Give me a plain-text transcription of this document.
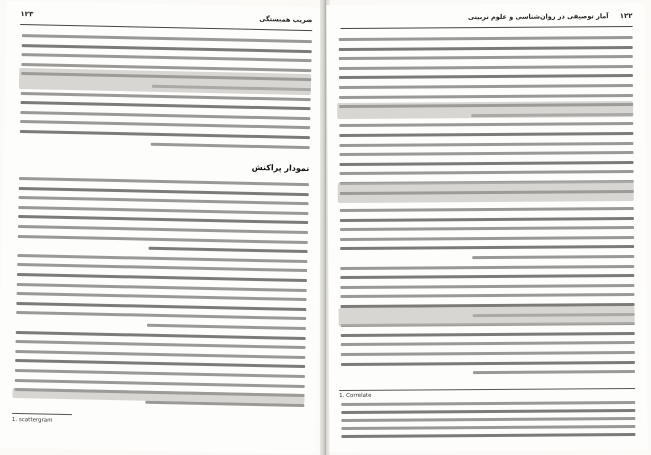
ضریب همبستگی
۱۲۳
نمودار پراکنش
1. scattergram
آمار توصیفی در روان‌شناسی و علوم تربیتی ۱۲۲
1. Correlate
